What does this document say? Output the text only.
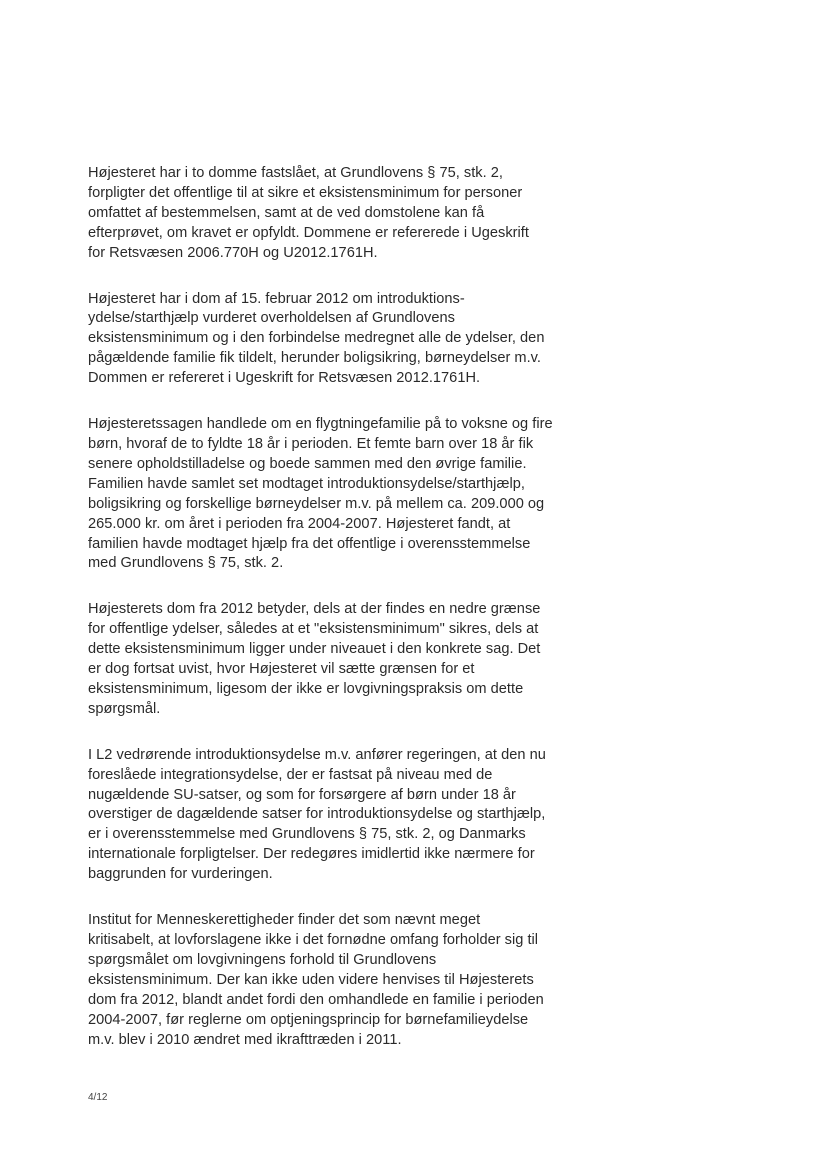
Højesteret har i to domme fastslået, at Grundlovens § 75, stk. 2,
forpligter det offentlige til at sikre et eksistensminimum for personer
omfattet af bestemmelsen, samt at de ved domstolene kan få
efterprøvet, om kravet er opfyldt. Dommene er refererede i Ugeskrift
for Retsvæsen 2006.770H og U2012.1761H.

Højesteret har i dom af 15. februar 2012 om introduktions-
ydelse/starthjælp vurderet overholdelsen af Grundlovens
eksistensminimum og i den forbindelse medregnet alle de ydelser, den
pågældende familie fik tildelt, herunder boligsikring, børneydelser m.v.
Dommen er refereret i Ugeskrift for Retsvæsen 2012.1761H.

Højesteretssagen handlede om en flygtningefamilie på to voksne og fire
børn, hvoraf de to fyldte 18 år i perioden. Et femte barn over 18 år fik
senere opholdstilladelse og boede sammen med den øvrige familie.
Familien havde samlet set modtaget introduktionsydelse/starthjælp,
boligsikring og forskellige børneydelser m.v. på mellem ca. 209.000 og
265.000 kr. om året i perioden fra 2004-2007. Højesteret fandt, at
familien havde modtaget hjælp fra det offentlige i overensstemmelse
med Grundlovens § 75, stk. 2.

Højesterets dom fra 2012 betyder, dels at der findes en nedre grænse
for offentlige ydelser, således at et "eksistensminimum" sikres, dels at
dette eksistensminimum ligger under niveauet i den konkrete sag. Det
er dog fortsat uvist, hvor Højesteret vil sætte grænsen for et
eksistensminimum, ligesom der ikke er lovgivningspraksis om dette
spørgsmål.

I L2 vedrørende introduktionsydelse m.v. anfører regeringen, at den nu
foreslåede integrationsydelse, der er fastsat på niveau med de
nugældende SU-satser, og som for forsørgere af børn under 18 år
overstiger de dagældende satser for introduktionsydelse og starthjælp,
er i overensstemmelse med Grundlovens § 75, stk. 2, og Danmarks
internationale forpligtelser. Der redegøres imidlertid ikke nærmere for
baggrunden for vurderingen.

Institut for Menneskerettigheder finder det som nævnt meget
kritisabelt, at lovforslagene ikke i det fornødne omfang forholder sig til
spørgsmålet om lovgivningens forhold til Grundlovens
eksistensminimum. Der kan ikke uden videre henvises til Højesterets
dom fra 2012, blandt andet fordi den omhandlede en familie i perioden
2004-2007, før reglerne om optjeningsprincip for børnefamilieydelse
m.v. blev i 2010 ændret med ikrafttræden i 2011.

4/12
